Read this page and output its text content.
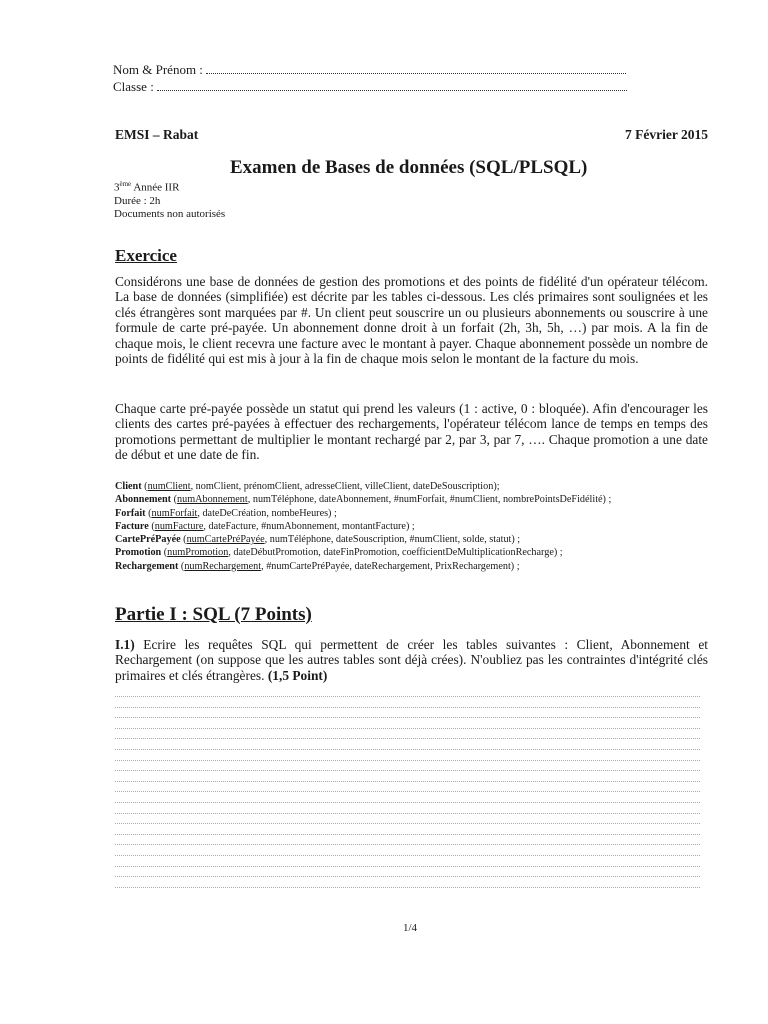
Nom & Prénom :
Classe :
EMSI – Rabat	7 Février 2015
Examen de Bases de données (SQL/PLSQL)
3ème Année IIR
Durée : 2h
Documents non autorisés
Exercice
Considérons une base de données de gestion des promotions et des points de fidélité d'un opérateur télécom. La base de données (simplifiée) est décrite par les tables ci-dessous. Les clés primaires sont soulignées et les clés étrangères sont marquées par #. Un client peut souscrire un ou plusieurs abonnements ou souscrire à une formule de carte pré-payée. Un abonnement donne droit à un forfait (2h, 3h, 5h, …) par mois. A la fin de chaque mois, le client recevra une facture avec le montant à payer. Chaque abonnement possède un nombre de points de fidélité qui est mis à jour à la fin de chaque mois selon le montant de la facture du mois.
Chaque carte pré-payée possède un statut qui prend les valeurs (1 : active, 0 : bloquée). Afin d'encourager les clients des cartes pré-payées à effectuer des rechargements, l'opérateur télécom lance de temps en temps des promotions permettant de multiplier le montant rechargé par 2, par 3, par 7, …. Chaque promotion a une date de début et une date de fin.
Client (numClient, nomClient, prénomClient, adresseClient, villeClient, dateDeSouscription);
Abonnement (numAbonnement, numTéléphone, dateAbonnement, #numForfait, #numClient, nombrePointsDeFidélité) ;
Forfait (numForfait, dateDeCréation, nombeHeures) ;
Facture (numFacture, dateFacture, #numAbonnement, montantFacture) ;
CartePréPayée (numCartePréPayée, numTéléphone, dateSouscription, #numClient, solde, statut) ;
Promotion (numPromotion, dateDébutPromotion, dateFinPromotion, coefficientDeMultiplicationRecharge) ;
Rechargement (numRechargement, #numCartePréPayée, dateRechargement, PrixRechargement) ;
Partie I : SQL (7 Points)
I.1) Ecrire les requêtes SQL qui permettent de créer les tables suivantes : Client, Abonnement et Rechargement (on suppose que les autres tables sont déjà crées). N'oubliez pas les contraintes d'intégrité clés primaires et clés étrangères. (1,5 Point)
1/4
